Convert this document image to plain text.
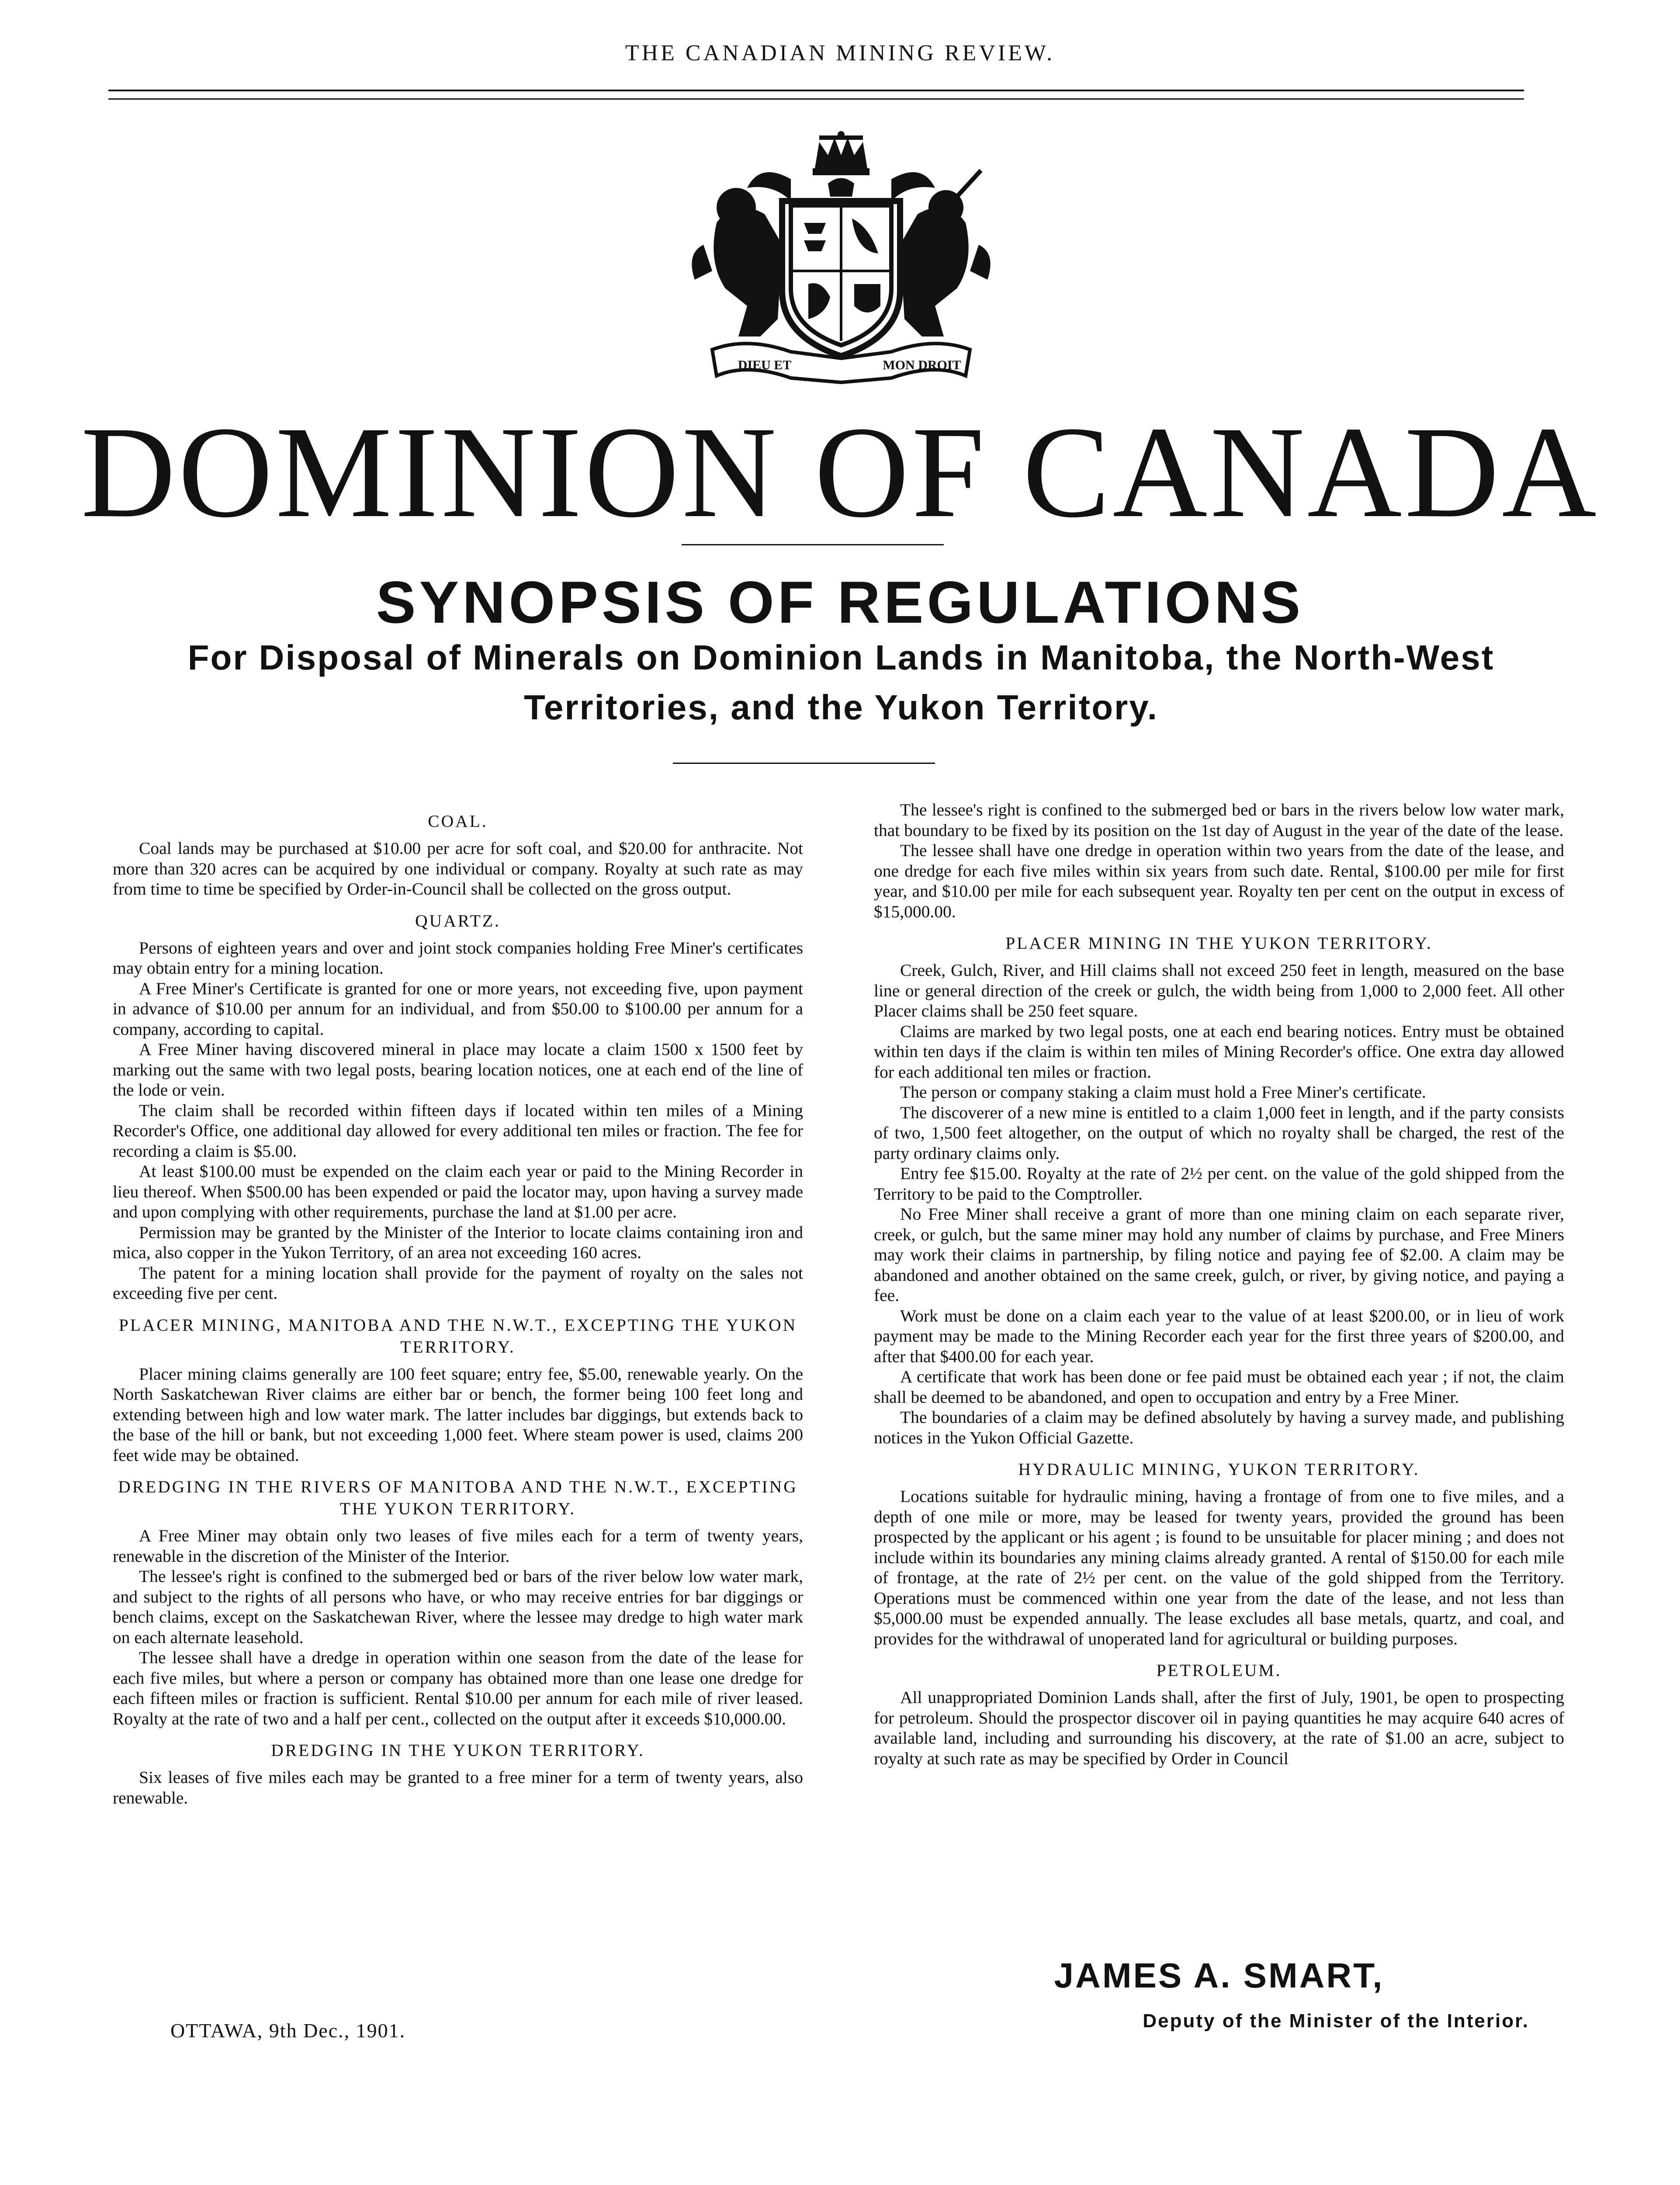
THE CANADIAN MINING REVIEW.
DIEU ET	MON DROIT
DOMINION OF CANADA
SYNOPSIS OF REGULATIONS
For Disposal of Minerals on Dominion Lands in Manitoba, the North-West Territories, and the Yukon Territory.
COAL.

Coal lands may be purchased at $10.00 per acre for soft coal, and $20.00 for anthracite. Not more than 320 acres can be acquired by one individual or company. Royalty at such rate as may from time to time be specified by Order-in-Council shall be collected on the gross output.

QUARTZ.

Persons of eighteen years and over and joint stock companies holding Free Miner's certificates may obtain entry for a mining location.

A Free Miner's Certificate is granted for one or more years, not exceeding five, upon payment in advance of $10.00 per annum for an individual, and from $50.00 to $100.00 per annum for a company, according to capital.

A Free Miner having discovered mineral in place may locate a claim 1500 x 1500 feet by marking out the same with two legal posts, bearing location notices, one at each end of the line of the lode or vein.

The claim shall be recorded within fifteen days if located within ten miles of a Mining Recorder's Office, one additional day allowed for every additional ten miles or fraction. The fee for recording a claim is $5.00.

At least $100.00 must be expended on the claim each year or paid to the Mining Recorder in lieu thereof. When $500.00 has been expended or paid the locator may, upon having a survey made and upon complying with other requirements, purchase the land at $1.00 per acre.

Permission may be granted by the Minister of the Interior to locate claims containing iron and mica, also copper in the Yukon Territory, of an area not exceeding 160 acres.

The patent for a mining location shall provide for the payment of royalty on the sales not exceeding five per cent.

PLACER MINING, MANITOBA AND THE N.W.T., EXCEPTING THE YUKON TERRITORY.

Placer mining claims generally are 100 feet square; entry fee, $5.00, renewable yearly. On the North Saskatchewan River claims are either bar or bench, the former being 100 feet long and extending between high and low water mark. The latter includes bar diggings, but extends back to the base of the hill or bank, but not exceeding 1,000 feet. Where steam power is used, claims 200 feet wide may be obtained.

DREDGING IN THE RIVERS OF MANITOBA AND THE N.W.T., EXCEPTING THE YUKON TERRITORY.

A Free Miner may obtain only two leases of five miles each for a term of twenty years, renewable in the discretion of the Minister of the Interior.

The lessee's right is confined to the submerged bed or bars of the river below low water mark, and subject to the rights of all persons who have, or who may receive entries for bar diggings or bench claims, except on the Saskatchewan River, where the lessee may dredge to high water mark on each alternate leasehold.

The lessee shall have a dredge in operation within one season from the date of the lease for each five miles, but where a person or company has obtained more than one lease one dredge for each fifteen miles or fraction is sufficient. Rental $10.00 per annum for each mile of river leased. Royalty at the rate of two and a half per cent., collected on the output after it exceeds $10,000.00.

DREDGING IN THE YUKON TERRITORY.

Six leases of five miles each may be granted to a free miner for a term of twenty years, also renewable.

The lessee's right is confined to the submerged bed or bars in the rivers below low water mark, that boundary to be fixed by its position on the 1st day of August in the year of the date of the lease.

The lessee shall have one dredge in operation within two years from the date of the lease, and one dredge for each five miles within six years from such date. Rental, $100.00 per mile for first year, and $10.00 per mile for each subsequent year. Royalty ten per cent on the output in excess of $15,000.00.

PLACER MINING IN THE YUKON TERRITORY.

Creek, Gulch, River, and Hill claims shall not exceed 250 feet in length, measured on the base line or general direction of the creek or gulch, the width being from 1,000 to 2,000 feet. All other Placer claims shall be 250 feet square.

Claims are marked by two legal posts, one at each end bearing notices. Entry must be obtained within ten days if the claim is within ten miles of Mining Recorder's office. One extra day allowed for each additional ten miles or fraction.

The person or company staking a claim must hold a Free Miner's certificate.

The discoverer of a new mine is entitled to a claim 1,000 feet in length, and if the party consists of two, 1,500 feet altogether, on the output of which no royalty shall be charged, the rest of the party ordinary claims only.

Entry fee $15.00. Royalty at the rate of 2½ per cent. on the value of the gold shipped from the Territory to be paid to the Comptroller.

No Free Miner shall receive a grant of more than one mining claim on each separate river, creek, or gulch, but the same miner may hold any number of claims by purchase, and Free Miners may work their claims in partnership, by filing notice and paying fee of $2.00. A claim may be abandoned and another obtained on the same creek, gulch, or river, by giving notice, and paying a fee.

Work must be done on a claim each year to the value of at least $200.00, or in lieu of work payment may be made to the Mining Recorder each year for the first three years of $200.00, and after that $400.00 for each year.

A certificate that work has been done or fee paid must be obtained each year ; if not, the claim shall be deemed to be abandoned, and open to occupation and entry by a Free Miner.

The boundaries of a claim may be defined absolutely by having a survey made, and publishing notices in the Yukon Official Gazette.

HYDRAULIC MINING, YUKON TERRITORY.

Locations suitable for hydraulic mining, having a frontage of from one to five miles, and a depth of one mile or more, may be leased for twenty years, provided the ground has been prospected by the applicant or his agent ; is found to be unsuitable for placer mining ; and does not include within its boundaries any mining claims already granted. A rental of $150.00 for each mile of frontage, at the rate of 2½ per cent. on the value of the gold shipped from the Territory. Operations must be commenced within one year from the date of the lease, and not less than $5,000.00 must be expended annually. The lease excludes all base metals, quartz, and coal, and provides for the withdrawal of unoperated land for agricultural or building purposes.

PETROLEUM.

All unappropriated Dominion Lands shall, after the first of July, 1901, be open to prospecting for petroleum. Should the prospector discover oil in paying quantities he may acquire 640 acres of available land, including and surrounding his discovery, at the rate of $1.00 an acre, subject to royalty at such rate as may be specified by Order in Council

JAMES A. SMART,
Deputy of the Minister of the Interior.
OTTAWA, 9th Dec., 1901.
